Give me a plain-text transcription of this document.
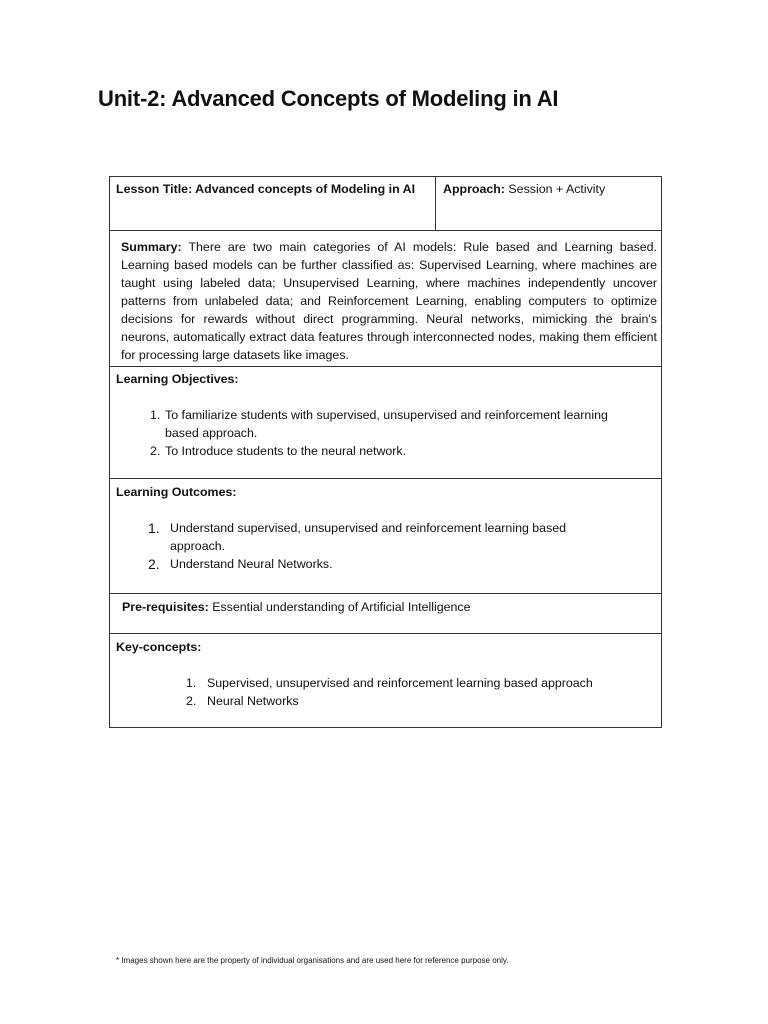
Unit-2: Advanced Concepts of Modeling in AI
Lesson Title: Advanced concepts of Modeling in AI	Approach: Session + Activity
Summary: There are two main categories of AI models: Rule based and Learning based. Learning based models can be further classified as: Supervised Learning, where machines are taught using labeled data; Unsupervised Learning, where machines independently uncover patterns from unlabeled data; and Reinforcement Learning, enabling computers to optimize decisions for rewards without direct programming. Neural networks, mimicking the brain's neurons, automatically extract data features through interconnected nodes, making them efficient for processing large datasets like images.
Learning Objectives:
1. To familiarize students with supervised, unsupervised and reinforcement learning based approach.
2. To Introduce students to the neural network.
Learning Outcomes:
1. Understand supervised, unsupervised and reinforcement learning based approach.
2. Understand Neural Networks.
Pre-requisites: Essential understanding of Artificial Intelligence
Key-concepts:
1. Supervised, unsupervised and reinforcement learning based approach
2. Neural Networks
* Images shown here are the property of individual organisations and are used here for reference purpose only.
